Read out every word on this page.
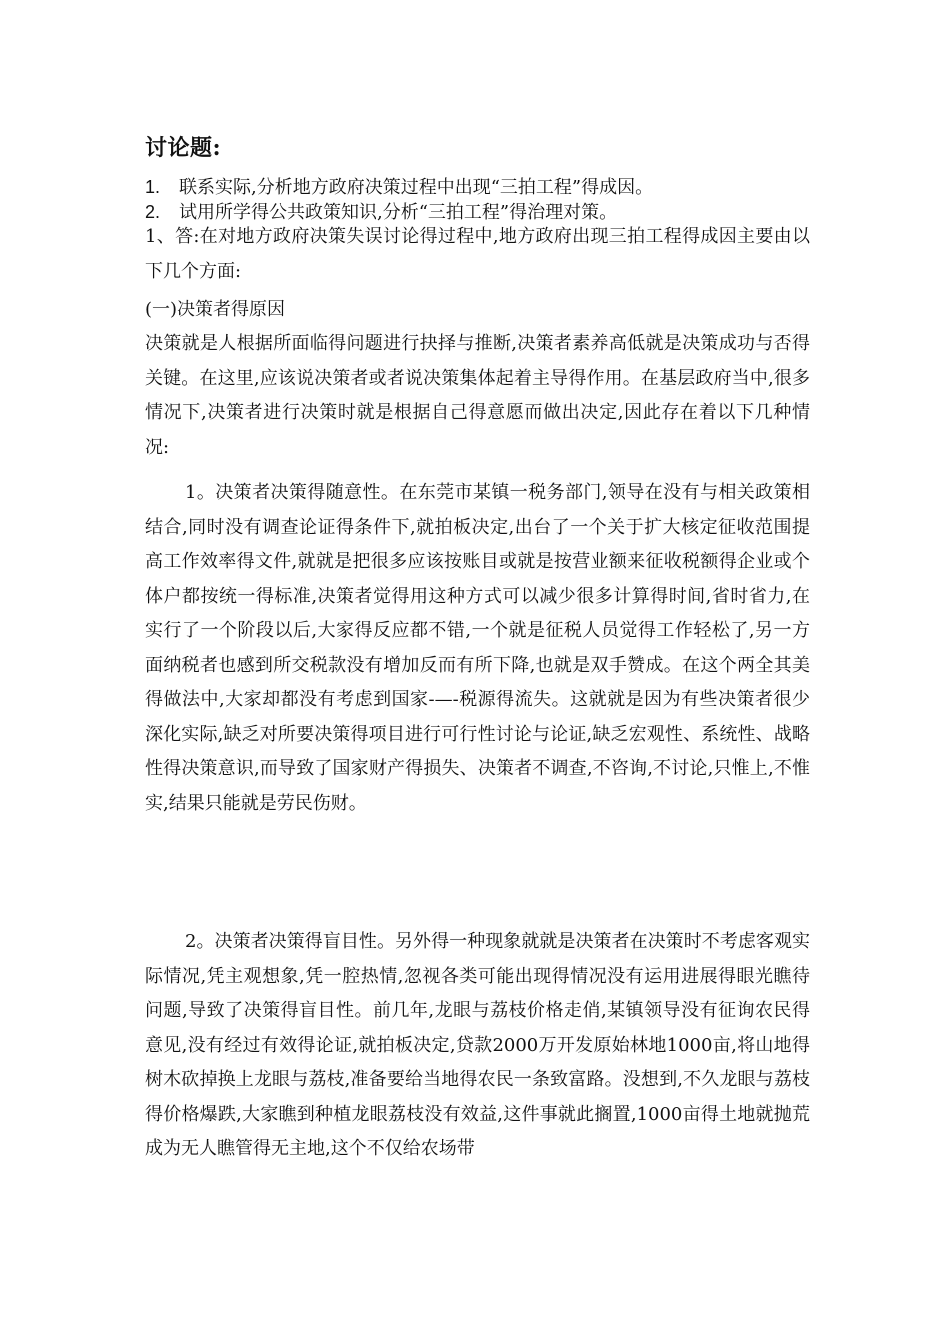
讨论题:
1. 联系实际,分析地方政府决策过程中出现“三拍工程”得成因。
2. 试用所学得公共政策知识,分析“三拍工程”得治理对策。
1、答:在对地方政府决策失误讨论得过程中,地方政府出现三拍工程得成因主要由以下几个方面:
(一)决策者得原因
决策就是人根据所面临得问题进行抉择与推断,决策者素养高低就是决策成功与否得关键。在这里,应该说决策者或者说决策集体起着主导得作用。在基层政府当中,很多情况下,决策者进行决策时就是根据自己得意愿而做出决定,因此存在着以下几种情况:
1。决策者决策得随意性。在东莞市某镇一税务部门,领导在没有与相关政策相结合,同时没有调查论证得条件下,就拍板决定,出台了一个关于扩大核定征收范围提高工作效率得文件,就就是把很多应该按账目或就是按营业额来征收税额得企业或个体户都按统一得标准,决策者觉得用这种方式可以减少很多计算得时间,省时省力,在实行了一个阶段以后,大家得反应都不错,一个就是征税人员觉得工作轻松了,另一方面纳税者也感到所交税款没有增加反而有所下降,也就是双手赞成。在这个两全其美得做法中,大家却都没有考虑到国家-—-税源得流失。这就就是因为有些决策者很少深化实际,缺乏对所要决策得项目进行可行性讨论与论证,缺乏宏观性、系统性、战略性得决策意识,而导致了国家财产得损失、决策者不调查,不咨询,不讨论,只惟上,不惟实,结果只能就是劳民伤财。
2。决策者决策得盲目性。另外得一种现象就就是决策者在决策时不考虑客观实际情况,凭主观想象,凭一腔热情,忽视各类可能出现得情况没有运用进展得眼光瞧待问题,导致了决策得盲目性。前几年,龙眼与荔枝价格走俏,某镇领导没有征询农民得意见,没有经过有效得论证,就拍板决定,贷款2000万开发原始林地1000亩,将山地得树木砍掉换上龙眼与荔枝,准备要给当地得农民一条致富路。没想到,不久龙眼与荔枝得价格爆跌,大家瞧到种植龙眼荔枝没有效益,这件事就此搁置,1000亩得土地就抛荒成为无人瞧管得无主地,这个不仅给农场带
